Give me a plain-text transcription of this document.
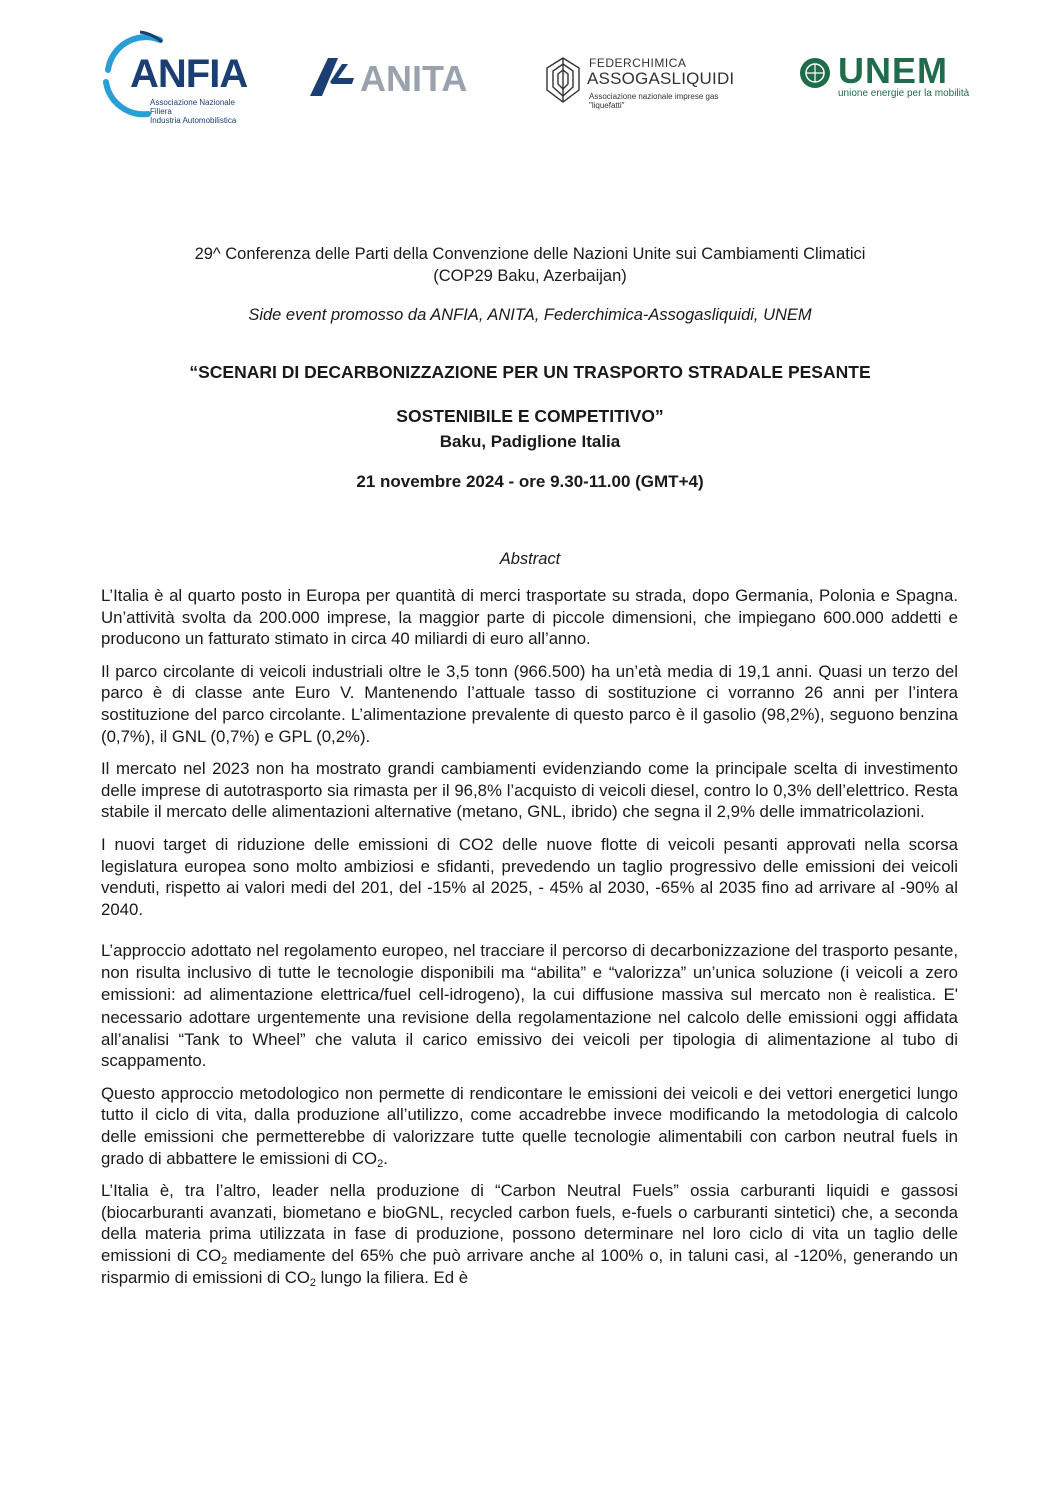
ANFIA
Associazione Nazionale
Filiera
Industria Automobilistica
ANITA	FEDERCHIMICA
ASSOGASLIQUIDI
Associazione nazionale imprese gas "liquefatti"
UNEM
unione energie per la mobilità
29^ Conferenza delle Parti della Convenzione delle Nazioni Unite sui Cambiamenti Climatici
(COP29 Baku, Azerbaijan)
Side event promosso da ANFIA, ANITA, Federchimica-Assogasliquidi, UNEM
“SCENARI DI DECARBONIZZAZIONE PER UN TRASPORTO STRADALE PESANTE
SOSTENIBILE E COMPETITIVO”
Baku, Padiglione Italia
21 novembre 2024 - ore 9.30-11.00 (GMT+4)
Abstract

L’Italia è al quarto posto in Europa per quantità di merci trasportate su strada, dopo Germania, Polonia e Spagna. Un’attività svolta da 200.000 imprese, la maggior parte di piccole dimensioni, che impiegano 600.000 addetti e producono un fatturato stimato in circa 40 miliardi di euro all’anno.

Il parco circolante di veicoli industriali oltre le 3,5 tonn (966.500) ha un’età media di 19,1 anni. Quasi un terzo del parco è di classe ante Euro V. Mantenendo l’attuale tasso di sostituzione ci vorranno 26 anni per l’intera sostituzione del parco circolante. L’alimentazione prevalente di questo parco è il gasolio (98,2%), seguono benzina (0,7%), il GNL (0,7%) e GPL (0,2%).

Il mercato nel 2023 non ha mostrato grandi cambiamenti evidenziando come la principale scelta di investimento delle imprese di autotrasporto sia rimasta per il 96,8% l’acquisto di veicoli diesel, contro lo 0,3% dell’elettrico. Resta stabile il mercato delle alimentazioni alternative (metano, GNL, ibrido) che segna il 2,9% delle immatricolazioni.

I nuovi target di riduzione delle emissioni di CO2 delle nuove flotte di veicoli pesanti approvati nella scorsa legislatura europea sono molto ambiziosi e sfidanti, prevedendo un taglio progressivo delle emissioni dei veicoli venduti, rispetto ai valori medi del 201, del -15% al 2025, - 45% al 2030, -65% al 2035 fino ad arrivare al -90% al 2040.

L’approccio adottato nel regolamento europeo, nel tracciare il percorso di decarbonizzazione del trasporto pesante, non risulta inclusivo di tutte le tecnologie disponibili ma “abilita” e “valorizza” un’unica soluzione (i veicoli a zero emissioni: ad alimentazione elettrica/fuel cell-idrogeno), la cui diffusione massiva sul mercato non è realistica. E' necessario adottare urgentemente una revisione della regolamentazione nel calcolo delle emissioni oggi affidata all’analisi “Tank to Wheel” che valuta il carico emissivo dei veicoli per tipologia di alimentazione al tubo di scappamento.

Questo approccio metodologico non permette di rendicontare le emissioni dei veicoli e dei vettori energetici lungo tutto il ciclo di vita, dalla produzione all’utilizzo, come accadrebbe invece modificando la metodologia di calcolo delle emissioni che permetterebbe di valorizzare tutte quelle tecnologie alimentabili con carbon neutral fuels in grado di abbattere le emissioni di $CO_2$.

L’Italia è, tra l’altro, leader nella produzione di “Carbon Neutral Fuels” ossia carburanti liquidi e gassosi (biocarburanti avanzati, biometano e bioGNL, recycled carbon fuels, e-fuels o carburanti sintetici) che, a seconda della materia prima utilizzata in fase di produzione, possono determinare nel loro ciclo di vita un taglio delle emissioni di $CO_2$ mediamente del 65% che può arrivare anche al 100% o, in taluni casi, al -120%, generando un risparmio di emissioni di $CO_2$ lungo la filiera. Ed è
